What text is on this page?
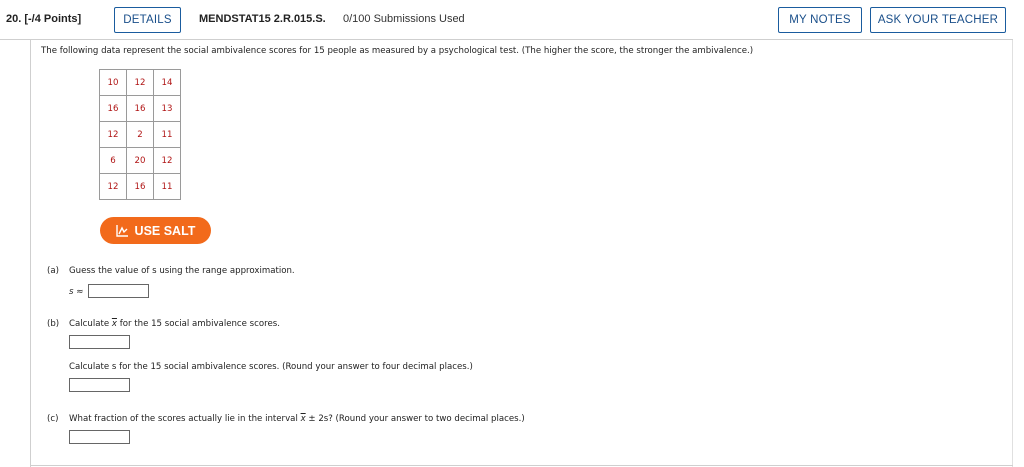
20. [-/4 Points]	DETAILS	MENDSTAT15 2.R.015.S. 0/100 Submissions Used	MY NOTES	ASK YOUR TEACHER
The following data represent the social ambivalence scores for 15 people as measured by a psychological test. (The higher the score, the stronger the ambivalence.)
10	12	14
16	16	13
12	2	11
6	20	12
12	16	11
USE SALT
(a) Guess the value of s using the range approximation.
s ≈
(b) Calculate $\overline{x}$ for the 15 social ambivalence scores.
Calculate s for the 15 social ambivalence scores. (Round your answer to four decimal places.)
(c) What fraction of the scores actually lie in the interval $\overline{x} \pm 2s$? (Round your answer to two decimal places.)
